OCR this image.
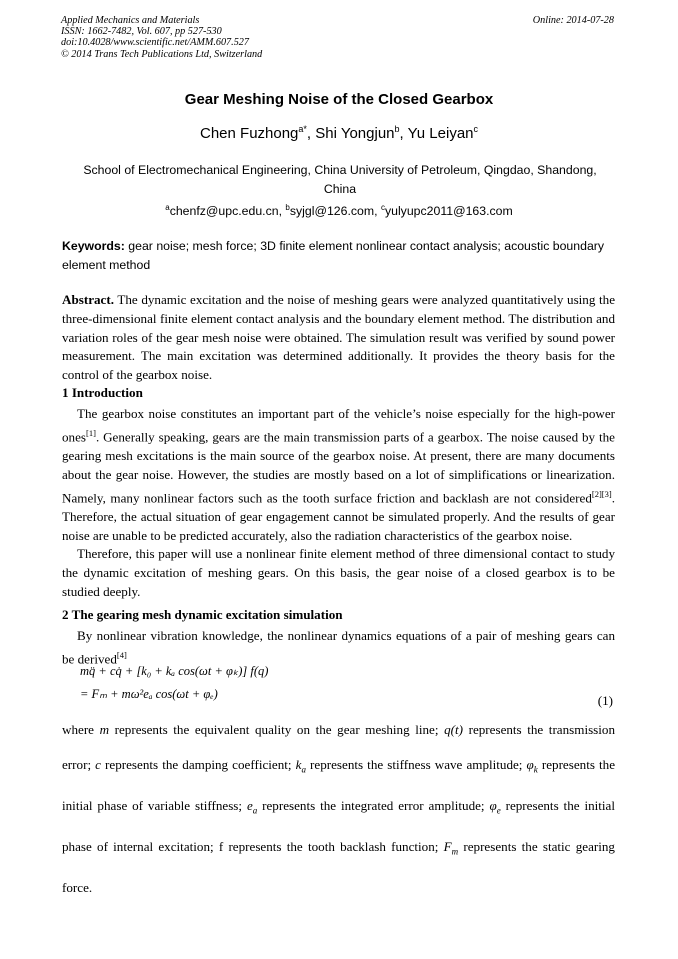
Applied Mechanics and Materials
ISSN: 1662-7482, Vol. 607, pp 527-530
doi:10.4028/www.scientific.net/AMM.607.527
© 2014 Trans Tech Publications Ltd, Switzerland
Online: 2014-07-28
Gear Meshing Noise of the Closed Gearbox
Chen Fuzhong$^{a*}$, Shi Yongjun$^b$, Yu Leiyan$^c$
School of Electromechanical Engineering, China University of Petroleum, Qingdao, Shandong, China
$^a$chenfz@upc.edu.cn, $^b$syjgl@126.com, $^c$yulyupc2011@163.com
Keywords: gear noise; mesh force; 3D finite element nonlinear contact analysis; acoustic boundary element method
Abstract. The dynamic excitation and the noise of meshing gears were analyzed quantitatively using the three-dimensional finite element contact analysis and the boundary element method. The distribution and variation roles of the gear mesh noise were obtained. The simulation result was verified by sound power measurement. The main excitation was determined additionally. It provides the theory basis for the control of the gearbox noise.
1 Introduction

The gearbox noise constitutes an important part of the vehicle’s noise especially for the high-power ones[1]. Generally speaking, gears are the main transmission parts of a gearbox. The noise caused by the gearing mesh excitations is the main source of the gearbox noise. At present, there are many documents about the gear noise. However, the studies are mostly based on a lot of simplifications or linearization. Namely, many nonlinear factors such as the tooth surface friction and backlash are not considered[2][3]. Therefore, the actual situation of gear engagement cannot be simulated properly. And the results of gear noise are unable to be predicted accurately, also the radiation characteristics of the gearbox noise.

Therefore, this paper will use a nonlinear finite element method of three dimensional contact to study the dynamic excitation of meshing gears. On this basis, the gear noise of a closed gearbox is to be studied deeply.

2 The gearing mesh dynamic excitation simulation

By nonlinear vibration knowledge, the nonlinear dynamics equations of a pair of meshing gears can be derived[4]

mq̈ + cq̇ + [k₀ + kₐ cos(ωt + φₖ)] f(q)
= Fₘ + mω²eₐ cos(ωt + φₑ)	(1)
where m represents the equivalent quality on the gear meshing line; q(t) represents the transmission error; c represents the damping coefficient; $k_a$ represents the stiffness wave amplitude; $\varphi_k$ represents the initial phase of variable stiffness; $e_a$ represents the integrated error amplitude; $\varphi_e$ represents the initial phase of internal excitation; f represents the tooth backlash function; $F_m$ represents the static gearing force.
